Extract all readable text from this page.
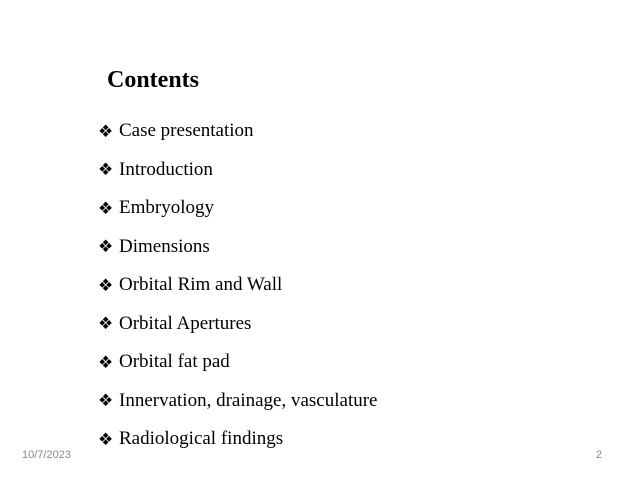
Contents
❖ Case presentation
❖ Introduction
❖ Embryology
❖ Dimensions
❖ Orbital Rim and Wall
❖ Orbital Apertures
❖ Orbital fat pad
❖ Innervation, drainage, vasculature
❖ Radiological findings
10/7/2023	2
